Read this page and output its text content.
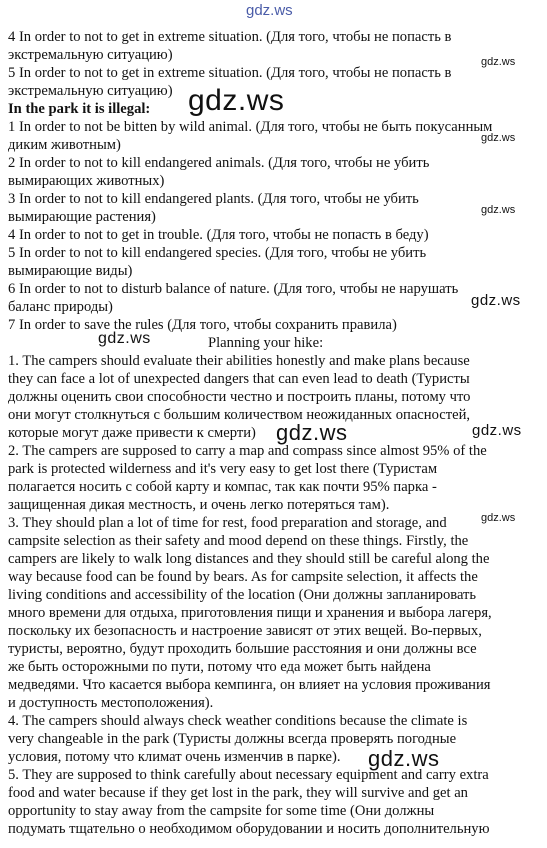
4 In order to not to get in extreme situation. (Для того, чтобы не попасть в
экстремальную ситуацию)
5 In order to not to get in extreme situation. (Для того, чтобы не попасть в
экстремальную ситуацию)
In the park it is illegal:
1 In order to not be bitten by wild animal. (Для того, чтобы не быть покусанным
диким животным)
2 In order to not to kill endangered animals. (Для того, чтобы не убить
вымирающих животных)
3 In order to not to kill endangered plants. (Для того, чтобы не убить
вымирающие растения)
4 In order to not to get in trouble. (Для того, чтобы не попасть в беду)
5 In order to not to kill endangered species. (Для того, чтобы не убить
вымирающие виды)
6 In order to not to disturb balance of nature. (Для того, чтобы не нарушать
баланс природы)
7 In order to save the rules (Для того, чтобы сохранить правила)
Planning your hike:
1. The campers should evaluate their abilities honestly and make plans because
they can face a lot of unexpected dangers that can even lead to death (Туристы
должны оценить свои способности честно и построить планы, потому что
они могут столкнуться с большим количеством неожиданных опасностей,
которые могут даже привести к смерти)
2. The campers are supposed to carry a map and compass since almost 95% of the
park is protected wilderness and it's very easy to get lost there (Туристам
полагается носить с собой карту и компас, так как почти 95% парка -
защищенная дикая местность, и очень легко потеряться там).
3. They should plan a lot of time for rest, food preparation and storage, and
campsite selection as their safety and mood depend on these things. Firstly, the
campers are likely to walk long distances and they should still be careful along the
way because food can be found by bears. As for campsite selection, it affects the
living conditions and accessibility of the location (Они должны запланировать
много времени для отдыха, приготовления пищи и хранения и выбора лагеря,
поскольку их безопасность и настроение зависят от этих вещей. Во-первых,
туристы, вероятно, будут проходить большие расстояния и они должны все
же быть осторожными по пути, потому что еда может быть найдена
медведями. Что касается выбора кемпинга, он влияет на условия проживания
и доступность местоположения).
4. The campers should always check weather conditions because the climate is
very changeable in the park (Туристы должны всегда проверять погодные
условия, потому что климат очень изменчив в парке).
5. They are supposed to think carefully about necessary equipment and carry extra
food and water because if they get lost in the park, they will survive and get an
opportunity to stay away from the campsite for some time (Они должны
подумать тщательно о необходимом оборудовании и носить дополнительную
gdz.ws
gdz.ws
gdz.ws
gdz.ws
gdz.ws
gdz.ws
gdz.ws
gdz.ws	gdz.ws
gdz.ws
gdz.ws
